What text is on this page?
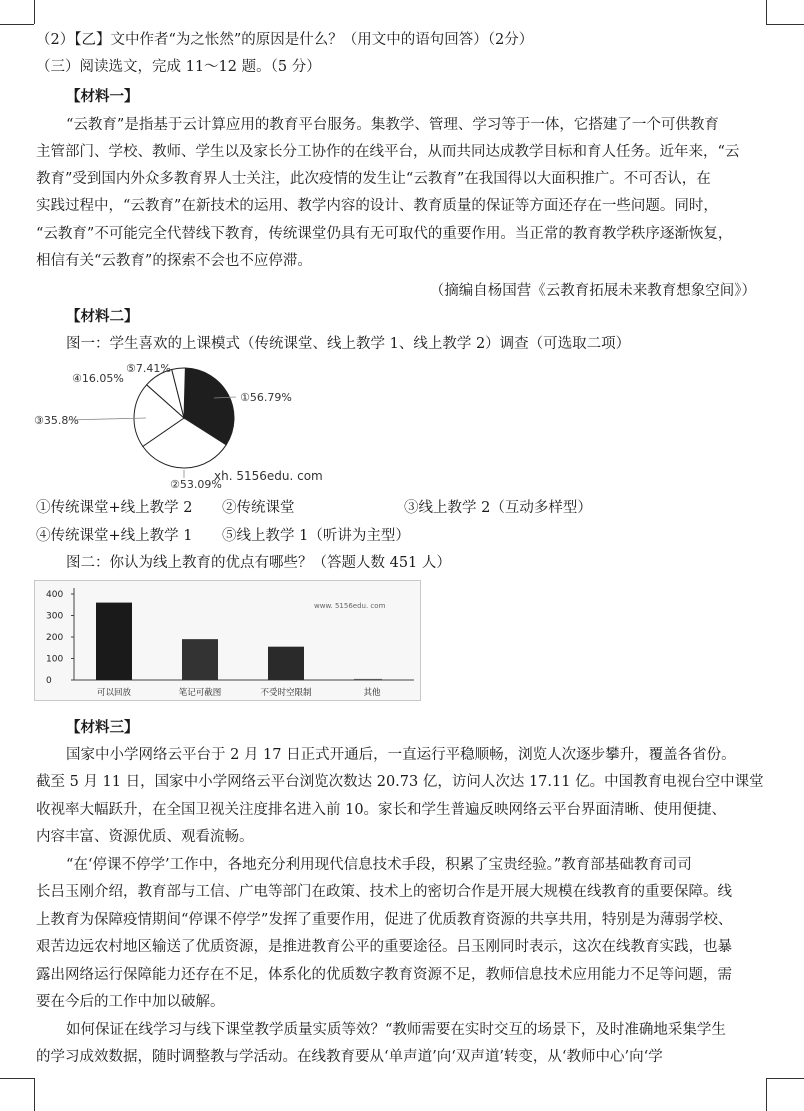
（2）【乙】文中作者“为之怅然”的原因是什么？（用文中的语句回答）（2分）
（三）阅读选文，完成 11～12 题。（5 分）
【材料一】
“云教育”是指基于云计算应用的教育平台服务。集教学、管理、学习等于一体，它搭建了一个可供教育
主管部门、学校、教师、学生以及家长分工协作的在线平台，从而共同达成教学目标和育人任务。近年来，“云
教育”受到国内外众多教育界人士关注，此次疫情的发生让“云教育”在我国得以大面积推广。不可否认，在
实践过程中，“云教育”在新技术的运用、教学内容的设计、教育质量的保证等方面还存在一些问题。同时，
“云教育”不可能完全代替线下教育，传统课堂仍具有无可取代的重要作用。当正常的教育教学秩序逐渐恢复，
相信有关“云教育”的探索不会也不应停滞。
（摘编自杨国营《云教育拓展未来教育想象空间》）
【材料二】
图一：学生喜欢的上课模式（传统课堂、线上教学 1、线上教学 2）调查（可选取二项）
⑤7.41%
④16.05%
①56.79%
③35.8%
②53.09%
xh. 5156edu. com
①传统课堂+线上教学 2 ②传统课堂	③线上教学 2（互动多样型）
④传统课堂+线上教学 1 ⑤线上教学 1（听讲为主型）
图二：你认为线上教育的优点有哪些？（答题人数 451 人）
400
300
200
100
0
可以回放	笔记可截图	不受时空限制	其他
www. 5156edu. com
【材料三】
国家中小学网络云平台于 2 月 17 日正式开通后，一直运行平稳顺畅，浏览人次逐步攀升，覆盖各省份。
截至 5 月 11 日，国家中小学网络云平台浏览次数达 20.73 亿，访问人次达 17.11 亿。中国教育电视台空中课堂
收视率大幅跃升，在全国卫视关注度排名进入前 10。家长和学生普遍反映网络云平台界面清晰、使用便捷、
内容丰富、资源优质、观看流畅。
“在‘停课不停学’工作中，各地充分利用现代信息技术手段，积累了宝贵经验。”教育部基础教育司司
长吕玉刚介绍，教育部与工信、广电等部门在政策、技术上的密切合作是开展大规模在线教育的重要保障。线
上教育为保障疫情期间“停课不停学”发挥了重要作用，促进了优质教育资源的共享共用，特别是为薄弱学校、
艰苦边远农村地区输送了优质资源，是推进教育公平的重要途径。吕玉刚同时表示，这次在线教育实践，也暴
露出网络运行保障能力还存在不足，体系化的优质数字教育资源不足，教师信息技术应用能力不足等问题，需
要在今后的工作中加以破解。
如何保证在线学习与线下课堂教学质量实质等效？“教师需要在实时交互的场景下，及时准确地采集学生
的学习成效数据，随时调整教与学活动。在线教育要从‘单声道’向‘双声道’转变，从‘教师中心’向‘学
